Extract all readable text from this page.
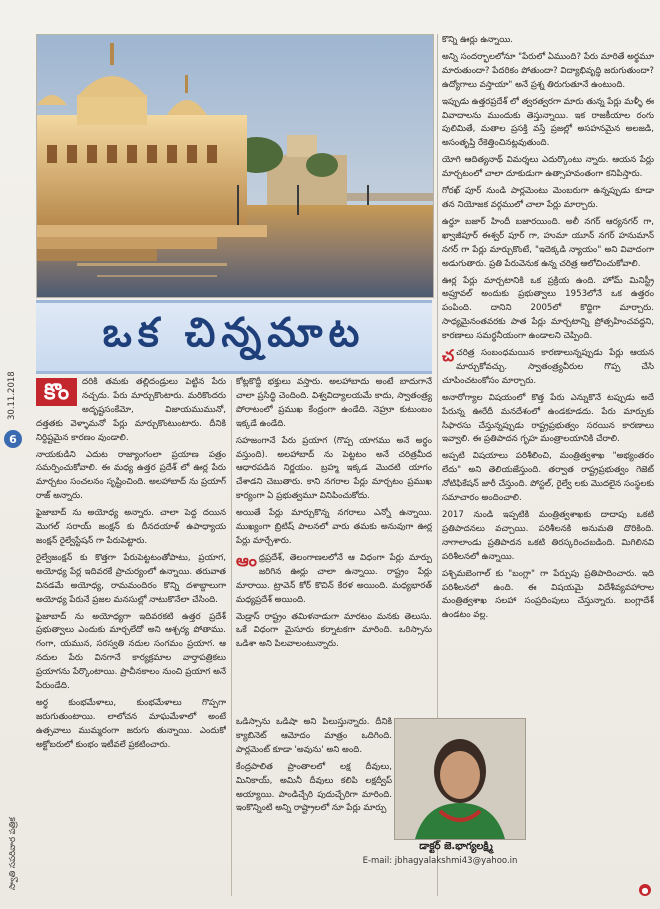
30.11.2018
స్వాతి సపరివార పత్రిక
6
ఒక చిన్నమాట
కొం	దరికి తమకు తల్లిదండ్రులు పెట్టిన పేరు నచ్చదు. పేరు మార్చుకొంటారు. మరికొందరు అదృష్టసంకేమో, విజాయముమునో, దత్తతకు వెళ్ళామనో పేర్లు మార్చుకొంటుంటారు. దీనికి నిర్దిష్టమైన కారణం వుండాలి.

నాయకుడిని ఎదుట రాజ్యాంగంలా ప్రయాణ పత్రం సమర్పించుకోవాలి. ఈ మధ్య ఉత్తర ప్రదేశ్ లో ఊర్ల పేరు మార్చటం సంచలనం సృష్టించింది. అలహాబాద్ ను ప్రయాగ్ రాజ్ అన్నారు.

ఫైజాబాద్ ను అయోధ్య అన్నారు. చాలా పెద్ద దయిన మొగల్ సరాయ్ జంక్షన్ కు దీనదయాళ్ ఉపాధ్యాయ జంక్షన్ రైల్వేస్టేషన్ గా పేరుపెట్టారు.

రైల్వేజంక్షన్ కు కొత్తగా పేరుపెట్టటంతోపాటు, ప్రయాగ, అయోధ్య పేర్ల ఇదివరకే ప్రాచుర్యంలో ఉన్నాయి. తరువాత వినడమే అయోధ్య, రామమందిరం కొన్ని దశాబ్దాలుగా అయోధ్య పేరునే ప్రజల మనసుల్లో నాటుకొనేలా చేసింది.

ఫైజాబాద్ ను అయోధ్యగా ఇదివరకటి ఉత్తర ప్రదేశ్ ప్రభుత్వాలు ఎందుకు మార్చలేదో అని ఆశ్చర్య పోతాము. గంగా, యమున, సరస్వతి నదుల సంగమం ప్రయాగ. ఆ నదుల పేరు వినగానే కార్యక్రమాల వార్తాపత్రికలు ప్రయాగను పేర్కొంటాయి. ప్రాచీనకాలం నుంచి ప్రయాగ అనే పేరుండేది.

అర్ధ కుంభమేళాలు, కుంభమేళాలు గొప్పగా జరుగుతుంటాయి. లాలోచన మాఘమేళాలో అంటే ఉత్సవాలు ముమ్మరంగా జరుగు తున్నాయి. ఎందుకో అక్టోబరులో కుంభం ఇటీవలే ప్రకటించారు.

కోట్లకొద్దీ భక్తులు వస్తారు. అలహాబాదు అంటే బాదుగానే చాలా ప్రసిద్ధి చెందింది. విశ్వవిద్యాలయమే కాదు, స్వాతంత్ర్య పోరాటంలో ప్రముఖ కేంద్రంగా ఉండేది. నెహ్రూ కుటుంబం ఇక్కడే ఉండేది.

సహజంగానే పేరు ప్రయాగ (గొప్ప యాగము అనే అర్థం వస్తుంది). అలహాబాద్ ను పెట్టటం అనే చరిత్రమీద ఆధారపడిన నిర్ణయం. బ్రహ్మ ఇక్కడ మొదటి యాగం చేశాడని చెబుతారు. కాని నగరాల పేర్లు మార్చటం ప్రముఖ కార్యంగా ఏ ప్రభుత్వమూ వినిపించుకోదు.

అయితే పేర్లు మార్చుకొన్న నగరాలు ఎన్నో ఉన్నాయి. ముఖ్యంగా బ్రిటిష్ పాలనలో వారు తమకు అనువుగా ఊర్ల పేర్లు మార్చేశారు.

ఆంధ్రప్రదేశ్, తెలంగాణలలోనే ఆ విధంగా పేర్లు మార్పు జరిగిన ఊర్లు చాలా ఉన్నాయి. రాష్ట్రం పేర్లు మారాయి. ట్రావెన్ కోర్ కొచిన్ కేరళ అయింది. మధ్యభారత్ మధ్యప్రదేశ్ అయింది.

మెడ్రాస్ రాష్ట్రం తమిళనాడుగా మారటం మనకు తెలుసు. ఒకే విధంగా మైసూరు కర్నాటకగా మారింది. ఒరిస్సాను ఒడిశా అని పిలవాలంటున్నారు.

ఒడిస్సాను ఒడిషా అని పిలుస్తున్నారు. దీనికి క్యాబినెట్ ఆమోదం మాత్రం ఒదిగింది. పార్లమెంట్ కూడా 'అవును' అని అంది.

కేంద్రపాలిత ప్రాంతాలలో లక్ష దీవులు, మినికాయ్, అమినీ దీవులు కలిపి లక్షద్వీప్ అయ్యాయి. పాండిచ్చేరి పుదుచ్చేరిగా మారింది. ఇంకొన్నింటి అన్ని రాష్ట్రాలలో నూ పేర్లు మార్పు

కొన్ని ఊర్లు ఉన్నాయి.

అన్ని సందర్భాలలోనూ "పేరులో ఏముంది? పేరు మారితే అర్థమూ మారుతుందా? పేదరికం పోతుందా? విద్యాభివృద్ధి జరుగుతుందా? ఉద్యోగాలు వస్తాయా" అనే ప్రశ్న తిరుగుతూనే ఉంటుంది.

ఇప్పుడు ఉత్తరప్రదేశ్ లో త్వరత్వరగా మారు తున్న పేర్లు మళ్ళీ ఈ వివాదాలను ముందుకు తెస్తున్నాయి. ఇక రాజకీయాల రంగు పులిమితే, మతాల ప్రసక్తి వస్తే ప్రజల్లో అసహనమైన అలజడి, అసంతృప్తి రేకెత్తించినట్లవుతుంది.

యోగి ఆదిత్యనాథ్ విమర్శలు ఎదుర్కొంటు న్నారు. ఆయన పేర్లు మార్చటంలో చాలా దూకుడుగా ఉత్సాహవంతంగా కనిపిస్తారు.

గోరఖ్ పూర్ నుండి పార్లమెంటు మెంబరుగా ఉన్నప్పుడు కూడా తన నియోజక వర్గములో చాలా పేర్లు మార్చారు.

ఉర్దూ బజార్ హిందీ బజారయింది. అలీ నగర్ ఆర్యనగర్ గా, ఖ్వాజీపూర్ ఈశ్వర్ పూర్ గా, హుమా యూన్ నగర్ హనుమాన్ నగర్ గా పేర్లు మార్చుకొంటే, "ఇదెక్కడి న్యాయం" అని వివాదంగా అడుగుతారు. ప్రతి పేరువెనుక ఉన్న చరిత్ర ఆలోచించుకోవాలి.

ఊర్ల పేర్లు మార్చటానికి ఒక ప్రక్రియ ఉంది. హోమ్ మినిస్ట్రీ అప్రూవల్ అందుకు ప్రభుత్వాలు 1953లోనే ఒక ఉత్తరం పంపింది. దానిని 2005లో కొద్దిగా మార్చారు. సాధ్యమైనంతవరకు పాత పేర్లు మార్చటాన్ని ప్రోత్సహించవద్దని, కారణాలు సమర్థనీయంగా ఉండాలని చెప్పింది.

చచరిత్ర సంబంధమయిన కారణాలున్నప్పుడు పేర్లు ఆయన మార్చుకోవచ్చు. స్వాతంత్ర్యవీరుల గొప్ప చేసి చూపించటంకోసం మార్చారు.

అనారోగ్యాల విషయంలో కొత్త పేరు ఎన్నుకొనే టప్పుడు అదే పేరున్న ఊరేదీ మనదేశంలో ఉండకూడదు. పేరు మార్పుకు సిఫారసు చేస్తున్నప్పుడు రాష్ట్రప్రభుత్వం సరయిన కారణాలు ఇవ్వాలి. ఈ ప్రతిపాదన గృహ మంత్రాలయానికి చేరాలి.

అప్పటి విషయాలు పరిశీలించి, మంత్రిత్వశాఖ "అభ్యంతరం లేదు" అని తెలియజేస్తుంది. తర్వాత రాష్ట్రప్రభుత్వం గెజెట్ నోటిఫికేషన్ జారీ చేస్తుంది. పోస్టల్, రైల్వే లకు మొదలైన సంస్థలకు సమాచారం అందించాలి.

2017 నుండి ఇప్పటికి మంత్రిత్వశాఖకు దాదాపు ఒకటి ప్రతిపాదనలు వచ్చాయి. పరిశీలనకి అనుమతి దొరికింది. నాగాలాండు ప్రతిపాదన ఒకటి తిరస్కరించబడింది. మిగిలినవి పరిశీలనలో ఉన్నాయి.

పశ్చిమబెంగాల్ కు "బంగ్లా" గా పేర్పుపు ప్రతిపాదించారు. ఇది పరిశీలనలో ఉంది. ఈ విషయమై విదేశీవ్యవహారాల మంత్రిత్వశాఖ సలహా సంప్రదింపులు చేస్తున్నారు. బంగ్లాదేశ్ ఉండటం వల్ల.

డాక్టర్ జె.భాగ్యలక్ష్మి
E-mail: jbhagyalakshmi43@yahoo.in
●
